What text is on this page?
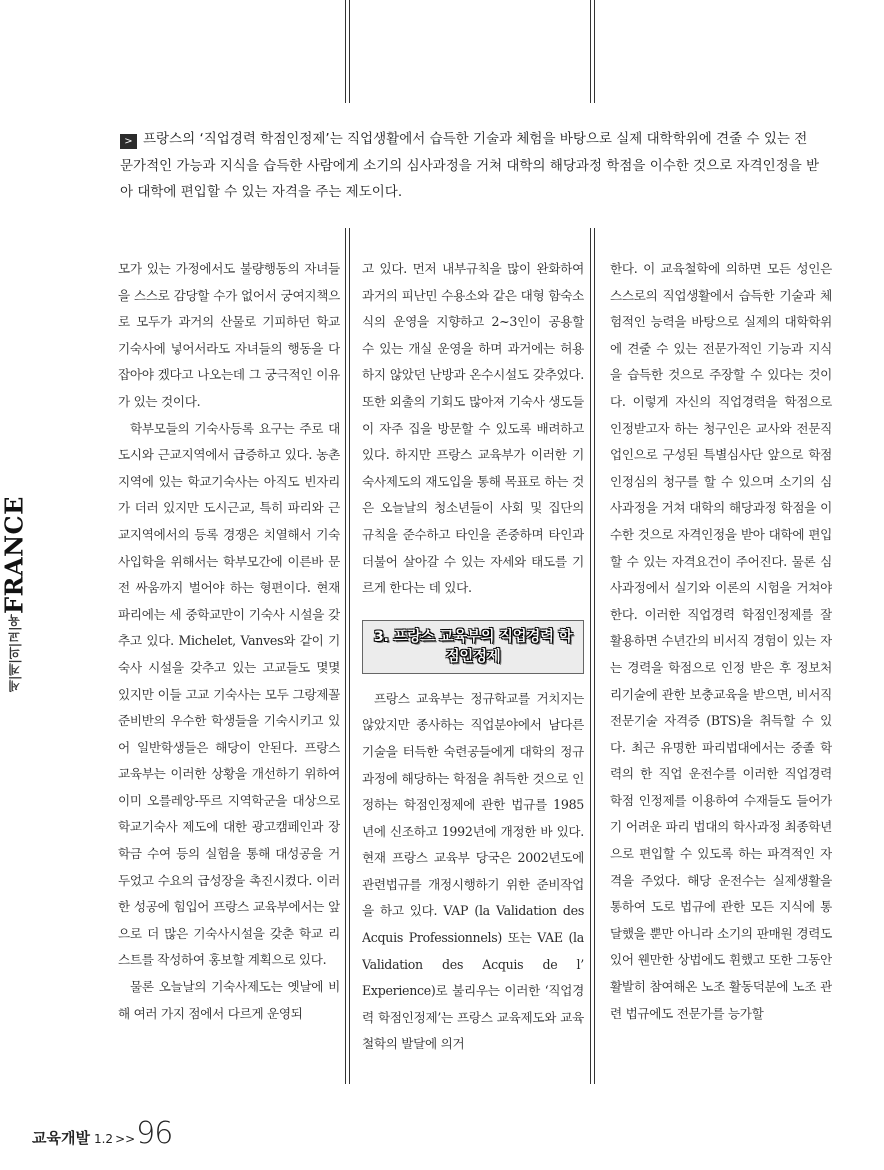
> 프랑스의 ‘직업경력 학점인정제’는 직업생활에서 습득한 기술과 체험을 바탕으로 실제 대학학위에 견줄 수 있는 전문가적인 가능과 지식을 습득한 사람에게 소기의 심사과정을 거쳐 대학의 해당과정 학점을 이수한 것으로 자격인정을 받아 대학에 편입할 수 있는 자격을 주는 제도이다.

모가 있는 가정에서도 불량행동의 자녀들을 스스로 감당할 수가 없어서 궁여지책으로 모두가 과거의 산물로 기피하던 학교 기숙사에 넣어서라도 자녀들의 행동을 다잡아야 겠다고 나오는데 그 궁극적인 이유가 있는 것이다.

학부모들의 기숙사등록 요구는 주로 대도시와 근교지역에서 급증하고 있다. 농촌지역에 있는 학교기숙사는 아직도 빈자리가 더러 있지만 도시근교, 특히 파리와 근교지역에서의 등록 경쟁은 치열해서 기숙사입학을 위해서는 학부모간에 이른바 문전 싸움까지 벌어야 하는 형편이다. 현재 파리에는 세 중학교만이 기숙사 시설을 갖추고 있다. Michelet, Vanves와 같이 기숙사 시설을 갖추고 있는 고교들도 몇몇 있지만 이들 고교 기숙사는 모두 그랑제꼴 준비반의 우수한 학생들을 기숙시키고 있어 일반학생들은 해당이 안된다. 프랑스 교육부는 이러한 상황을 개선하기 위하여 이미 오를레앙-뚜르 지역학군을 대상으로 학교기숙사 제도에 대한 광고캠페인과 장학금 수여 등의 실험을 통해 대성공을 거두었고 수요의 급성장을 촉진시켰다. 이러한 성공에 힘입어 프랑스 교육부에서는 앞으로 더 많은 기숙사시설을 갖춘 학교 리스트를 작성하여 홍보할 계획으로 있다.

물론 오늘날의 기숙사제도는 옛날에 비해 여러 가지 점에서 다르게 운영되

고 있다. 먼저 내부규칙을 많이 완화하여 과거의 피난민 수용소와 같은 대형 함숙소 식의 운영을 지향하고 2~3인이 공용할 수 있는 개실 운영을 하며 과거에는 허용하지 않았던 난방과 온수시설도 갖추었다. 또한 외출의 기회도 많아져 기숙사 생도들이 자주 집을 방문할 수 있도록 배려하고 있다. 하지만 프랑스 교육부가 이러한 기숙사제도의 재도입을 통해 목표로 하는 것은 오늘날의 청소년들이 사회 및 집단의 규칙을 준수하고 타인을 존중하며 타인과 더불어 살아갈 수 있는 자세와 태도를 기르게 한다는 데 있다.

3. 프랑스 교육부의 직업경력 학점인정제

프랑스 교육부는 정규학교를 거치지는 않았지만 종사하는 직업분야에서 남다른 기술을 터득한 숙련공들에게 대학의 정규과정에 해당하는 학점을 취득한 것으로 인정하는 학점인정제에 관한 법규를 1985년에 신조하고 1992년에 개정한 바 있다. 현재 프랑스 교육부 당국은 2002년도에 관련법규를 개정시행하기 위한 준비작업을 하고 있다. VAP (la Validation des Acquis Professionnels) 또는 VAE (la Validation des Acquis de l’ Experience)로 불리우는 이러한 ‘직업경력 학점인정제’는 프랑스 교육제도와 교육철학의 발달에 의거

한다. 이 교육철학에 의하면 모든 성인은 스스로의 직업생활에서 습득한 기술과 체험적인 능력을 바탕으로 실제의 대학학위에 견줄 수 있는 전문가적인 기능과 지식을 습득한 것으로 주장할 수 있다는 것이다. 이렇게 자신의 직업경력을 학점으로 인정받고자 하는 청구인은 교사와 전문직업인으로 구성된 특별심사단 앞으로 학점인정심의 청구를 할 수 있으며 소기의 심사과정을 거쳐 대학의 해당과정 학점을 이수한 것으로 자격인정을 받아 대학에 편입할 수 있는 자격요건이 주어진다. 물론 심사과정에서 실기와 이론의 시험을 거쳐야 한다. 이러한 직업경력 학점인정제를 잘 활용하면 수년간의 비서직 경험이 있는 자는 경력을 학점으로 인정 받은 후 정보처리기술에 관한 보충교육을 받으면, 비서직 전문기술 자격증 (BTS)을 취득할 수 있다. 최근 유명한 파리법대에서는 중졸 학력의 한 직업 운전수를 이러한 직업경력 학점 인정제를 이용하여 수재들도 들어가기 어려운 파리 법대의 학사과정 최종학년으로 편입할 수 있도록 하는 파격적인 자격을 주었다. 해당 운전수는 실제생활을 통하여 도로 법규에 관한 모든 지식에 통달했을 뿐만 아니라 소기의 판매원 경력도 있어 웬만한 상법에도 휜했고 또한 그동안 활발히 참여해온 노조 활동덕분에 노조 관련 법규에도 전문가를 능가할

세|계|의|교|육
FRANCE
교육개발 1.2 >> 96
